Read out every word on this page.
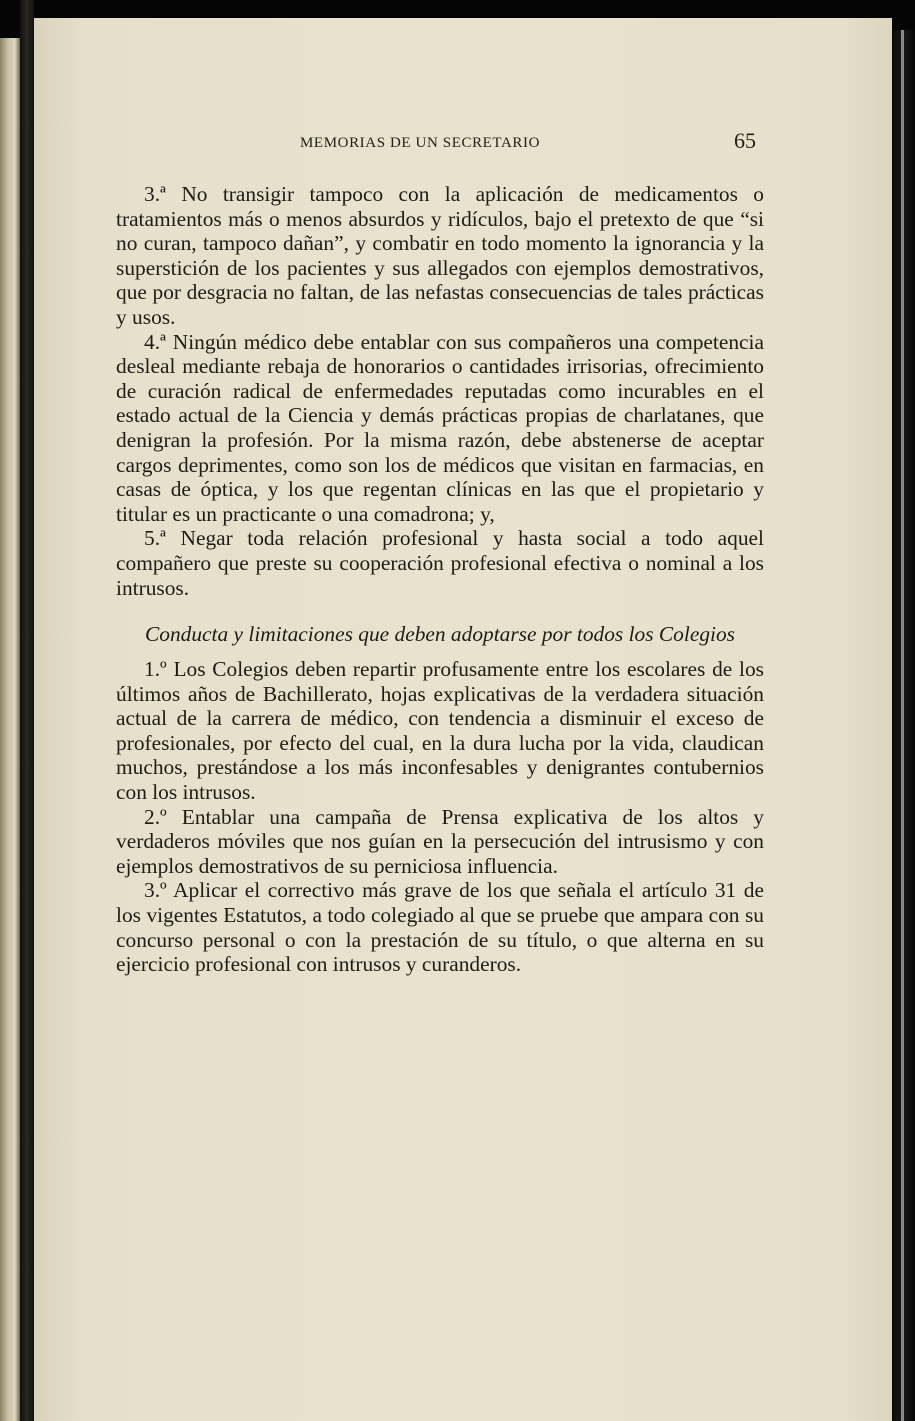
MEMORIAS DE UN SECRETARIO	65

3.ª No transigir tampoco con la aplicación de medicamentos o tratamientos más o menos absurdos y ridículos, bajo el pretexto de que “si no curan, tampoco dañan”, y combatir en todo momento la ignorancia y la superstición de los pacientes y sus allegados con ejemplos demostrativos, que por desgracia no faltan, de las nefastas consecuencias de tales prácticas y usos.

4.ª Ningún médico debe entablar con sus compañeros una competencia desleal mediante rebaja de honorarios o cantidades irrisorias, ofrecimiento de curación radical de enfermedades reputadas como incurables en el estado actual de la Ciencia y demás prácticas propias de charlatanes, que denigran la profesión. Por la misma razón, debe abstenerse de aceptar cargos deprimentes, como son los de médicos que visitan en farmacias, en casas de óptica, y los que regentan clínicas en las que el propietario y titular es un practicante o una comadrona; y,

5.ª Negar toda relación profesional y hasta social a todo aquel compañero que preste su cooperación profesional efectiva o nominal a los intrusos.

Conducta y limitaciones que deben adoptarse por todos los Colegios

1.º Los Colegios deben repartir profusamente entre los escolares de los últimos años de Bachillerato, hojas explicativas de la verdadera situación actual de la carrera de médico, con tendencia a disminuir el exceso de profesionales, por efecto del cual, en la dura lucha por la vida, claudican muchos, prestándose a los más inconfesables y denigrantes contubernios con los intrusos.

2.º Entablar una campaña de Prensa explicativa de los altos y verdaderos móviles que nos guían en la persecución del intrusismo y con ejemplos demostrativos de su perniciosa influencia.

3.º Aplicar el correctivo más grave de los que señala el artículo 31 de los vigentes Estatutos, a todo colegiado al que se pruebe que ampara con su concurso personal o con la prestación de su título, o que alterna en su ejercicio profesional con intrusos y curanderos.
